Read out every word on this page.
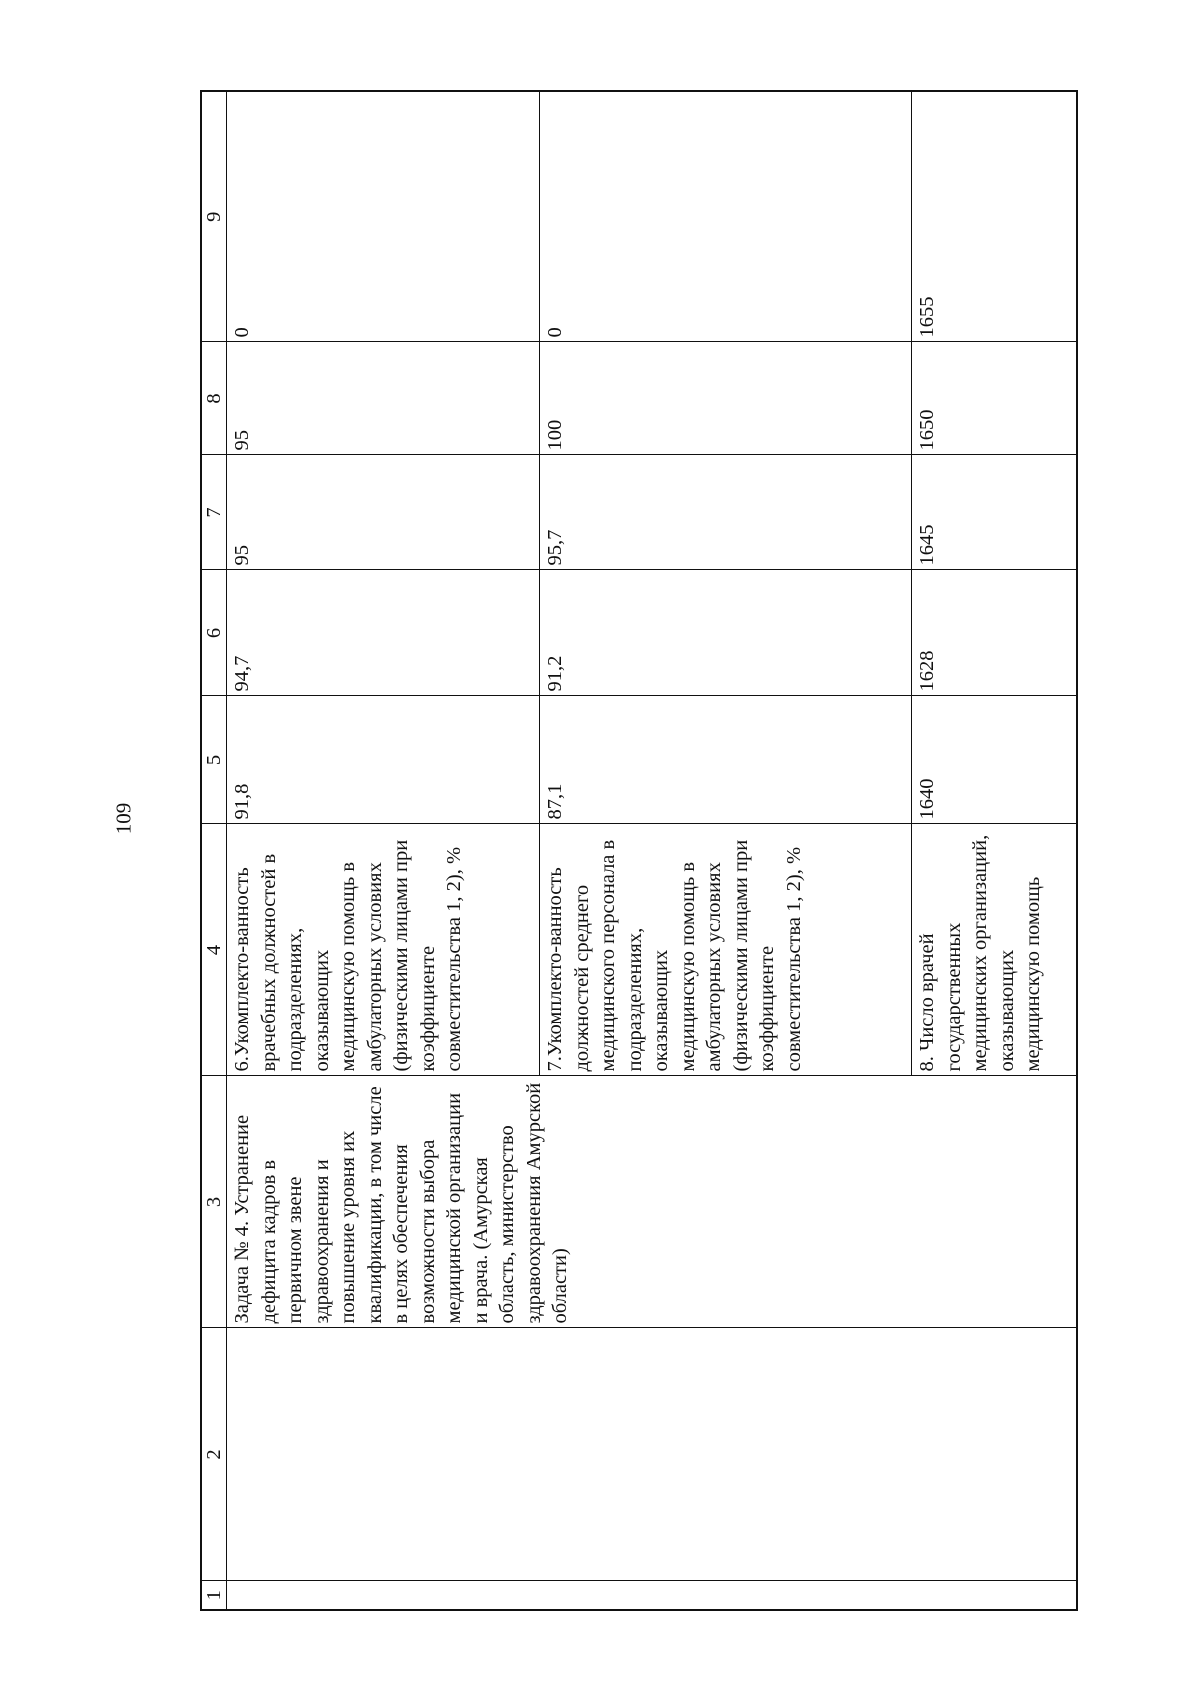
109
1	2	3	4	5	6	7	8	9
		Задача № 4. Устранение дефицита кадров в первичном звене здравоохранения и повышение уровня их квалификации, в том числе в целях обеспечения возможности выбора медицинской организации и врача. (Амурская область, министерство здравоохранения Амурской области)	6.Укомплекто-ванность врачебных должностей в подразделениях, оказывающих медицинскую помощь в амбулаторных условиях (физическими лицами при коэффициенте совместительства 1, 2), %	91,8	94,7	95	95	0
			7.Укомплекто-ванность должностей среднего медицинского персонала в подразделениях, оказывающих медицинскую помощь в амбулаторных условиях (физическими лицами при коэффициенте совместительства 1, 2), %	87,1	91,2	95,7	100	0
			8. Число врачей государственных медицинских организаций, оказывающих медицинскую помощь	1640	1628	1645	1650	1655
